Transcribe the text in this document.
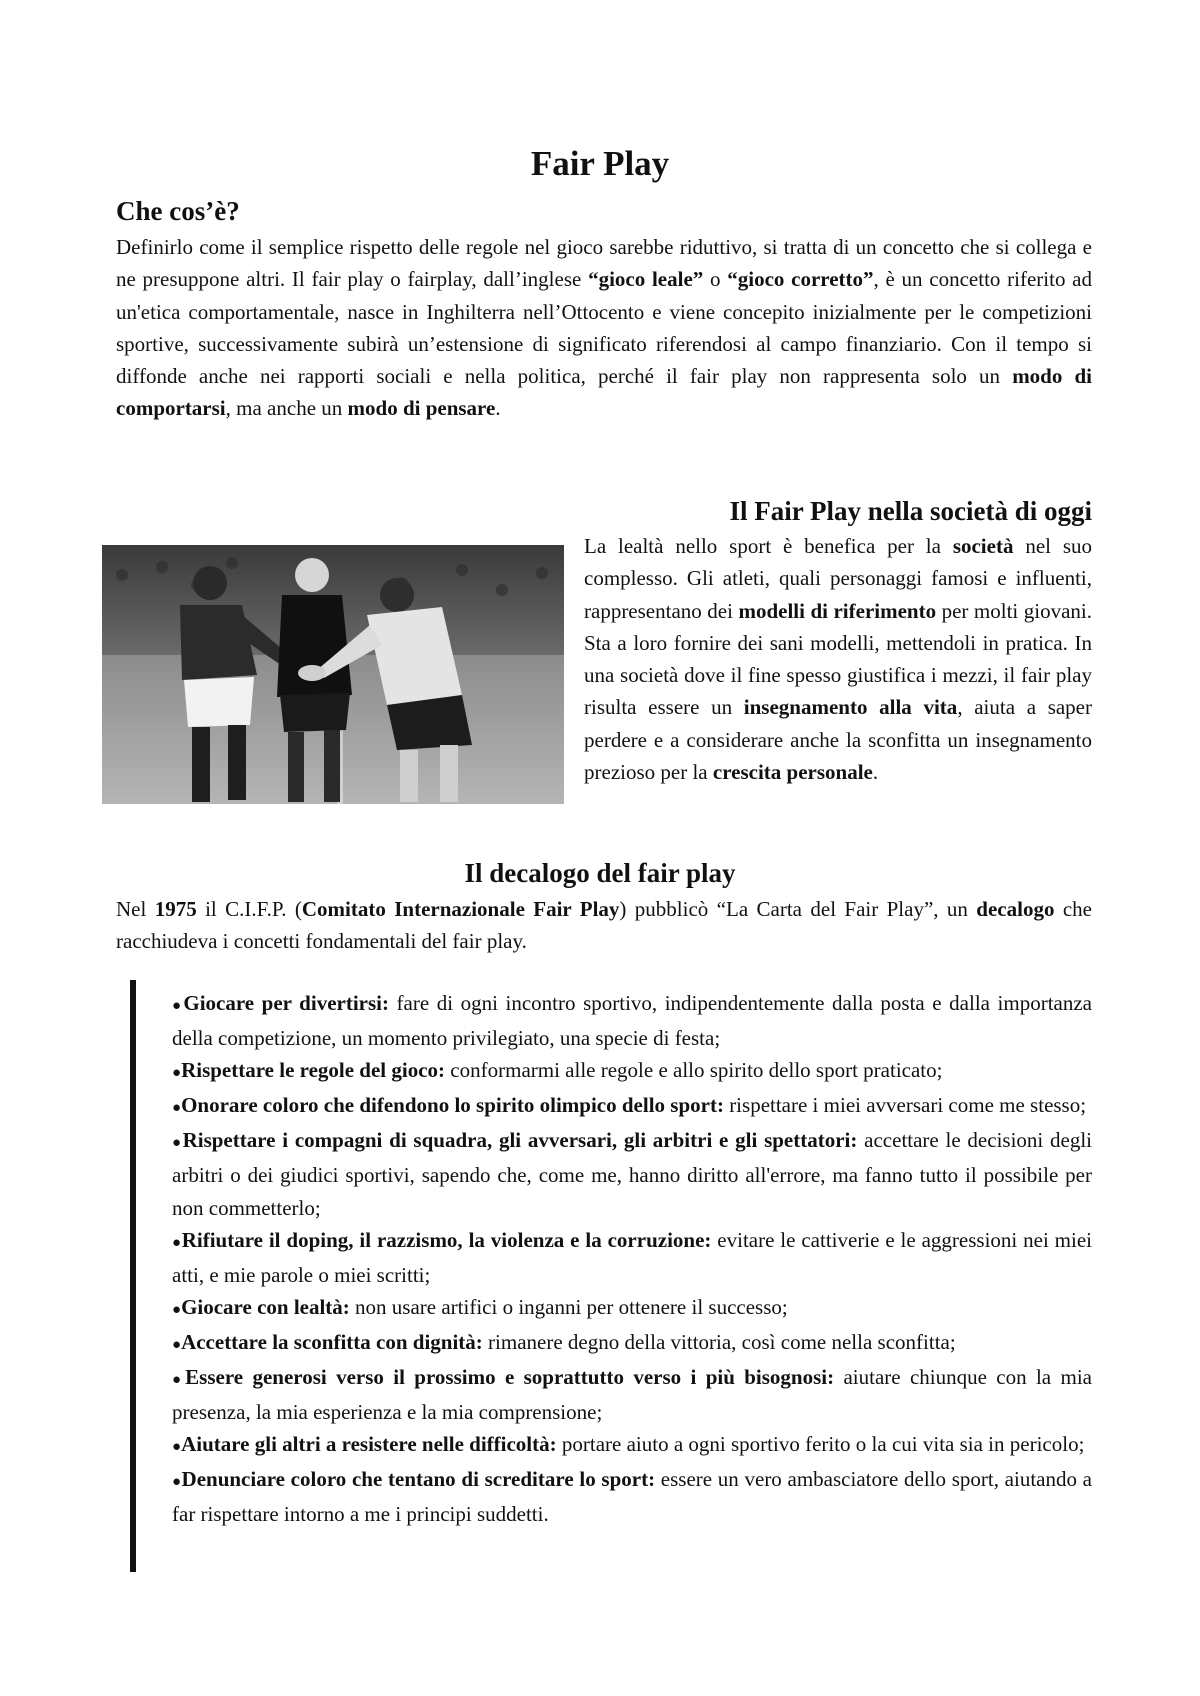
Fair Play
Che cos’è?

Definirlo come il semplice rispetto delle regole nel gioco sarebbe riduttivo, si tratta di un concetto che si collega e ne presuppone altri. Il fair play o fairplay, dall’inglese “gioco leale” o “gioco corretto”, è un concetto riferito ad un'etica comportamentale, nasce in Inghilterra nell’Ottocento e viene concepito inizialmente per le competizioni sportive, successivamente subirà un’estensione di significato riferendosi al campo finanziario. Con il tempo si diffonde anche nei rapporti sociali e nella politica, perché il fair play non rappresenta solo un modo di comportarsi, ma anche un modo di pensare.

Il Fair Play nella società di oggi

La lealtà nello sport è benefica per la società nel suo complesso. Gli atleti, quali personaggi famosi e influenti, rappresentano dei modelli di riferimento per molti giovani. Sta a loro fornire dei sani modelli, mettendoli in pratica. In una società dove il fine spesso giustifica i mezzi, il fair play risulta essere un insegnamento alla vita, aiuta a saper perdere e a considerare anche la sconfitta un insegnamento prezioso per la crescita personale.

Il decalogo del fair play

Nel 1975 il C.I.F.P. (Comitato Internazionale Fair Play) pubblicò “La Carta del Fair Play”, un decalogo che racchiudeva i concetti fondamentali del fair play.

●Giocare per divertirsi: fare di ogni incontro sportivo, indipendentemente dalla posta e dalla importanza della competizione, un momento privilegiato, una specie di festa;
●Rispettare le regole del gioco: conformarmi alle regole e allo spirito dello sport praticato;
●Onorare coloro che difendono lo spirito olimpico dello sport: rispettare i miei avversari come me stesso;
●Rispettare i compagni di squadra, gli avversari, gli arbitri e gli spettatori: accettare le decisioni degli arbitri o dei giudici sportivi, sapendo che, come me, hanno diritto all'errore, ma fanno tutto il possibile per non commetterlo;
●Rifiutare il doping, il razzismo, la violenza e la corruzione: evitare le cattiverie e le aggressioni nei miei atti, e mie parole o miei scritti;
●Giocare con lealtà: non usare artifici o inganni per ottenere il successo;
●Accettare la sconfitta con dignità: rimanere degno della vittoria, così come nella sconfitta;
●Essere generosi verso il prossimo e soprattutto verso i più bisognosi: aiutare chiunque con la mia presenza, la mia esperienza e la mia comprensione;
●Aiutare gli altri a resistere nelle difficoltà: portare aiuto a ogni sportivo ferito o la cui vita sia in pericolo;
●Denunciare coloro che tentano di screditare lo sport: essere un vero ambasciatore dello sport, aiutando a far rispettare intorno a me i principi suddetti.
